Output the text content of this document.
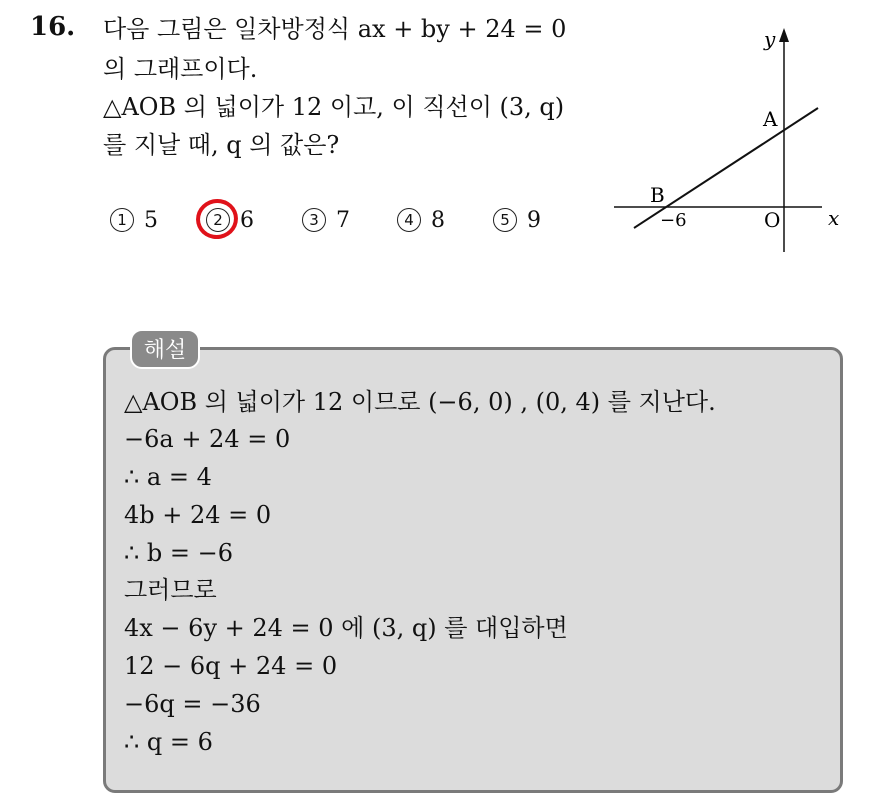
16. 다음 그림은 일차방정식 ax + by + 24 = 0
의 그래프이다.
△AOB 의 넓이가 12 이고, 이 직선이 (3, q)
를 지날 때, q 의 값은?
1 5	2 6	3 7	4 8	5 9
y
x
A
B
O
−6
해설
△AOB 의 넓이가 12 이므로 (−6, 0) , (0, 4) 를 지난다.
−6a + 24 = 0
∴ a = 4
4b + 24 = 0
∴ b = −6
그러므로
4x − 6y + 24 = 0 에 (3, q) 를 대입하면
12 − 6q + 24 = 0
−6q = −36
∴ q = 6
